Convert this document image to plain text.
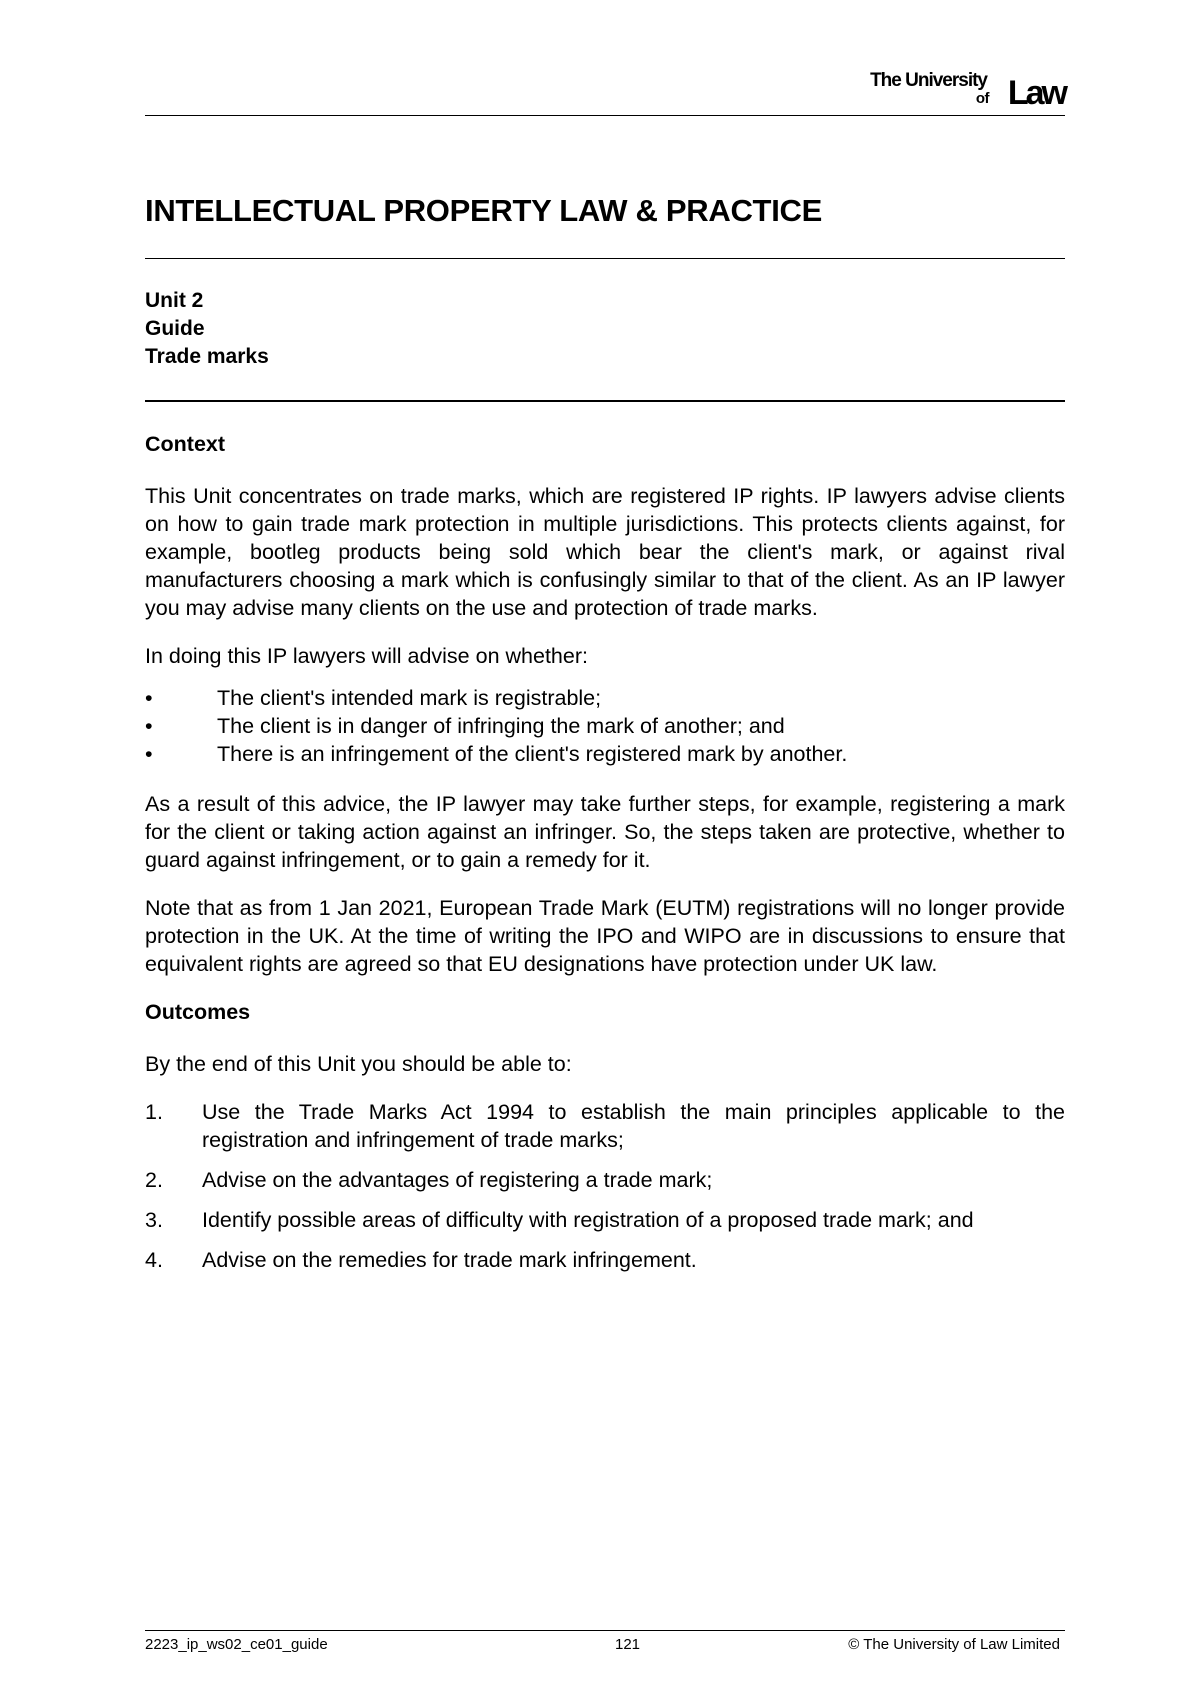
The University
of Law
INTELLECTUAL PROPERTY LAW & PRACTICE
Unit 2
Guide
Trade marks
Context

This Unit concentrates on trade marks, which are registered IP rights. IP lawyers advise clients on how to gain trade mark protection in multiple jurisdictions. This protects clients against, for example, bootleg products being sold which bear the client's mark, or against rival manufacturers choosing a mark which is confusingly similar to that of the client. As an IP lawyer you may advise many clients on the use and protection of trade marks.

In doing this IP lawyers will advise on whether:

•	The client's intended mark is registrable;
•	The client is in danger of infringing the mark of another; and
•	There is an infringement of the client's registered mark by another.

As a result of this advice, the IP lawyer may take further steps, for example, registering a mark for the client or taking action against an infringer. So, the steps taken are protective, whether to guard against infringement, or to gain a remedy for it.

Note that as from 1 Jan 2021, European Trade Mark (EUTM) registrations will no longer provide protection in the UK. At the time of writing the IPO and WIPO are in discussions to ensure that equivalent rights are agreed so that EU designations have protection under UK law.

Outcomes

By the end of this Unit you should be able to:

1. Use the Trade Marks Act 1994 to establish the main principles applicable to the registration and infringement of trade marks;
2. Advise on the advantages of registering a trade mark;
3. Identify possible areas of difficulty with registration of a proposed trade mark; and
4. Advise on the remedies for trade mark infringement.
2223_ip_ws02_ce01_guide	121	© The University of Law Limited
